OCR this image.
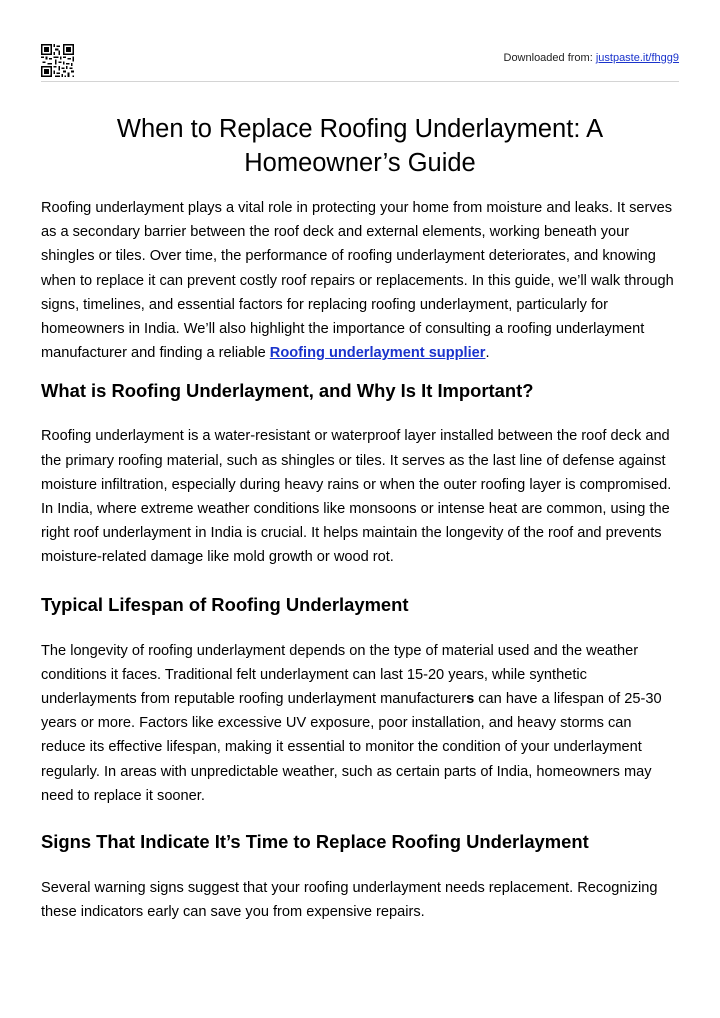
Downloaded from: justpaste.it/fhgg9
When to Replace Roofing Underlayment: A Homeowner’s Guide

Roofing underlayment plays a vital role in protecting your home from moisture and leaks. It serves as a secondary barrier between the roof deck and external elements, working beneath your shingles or tiles. Over time, the performance of roofing underlayment deteriorates, and knowing when to replace it can prevent costly roof repairs or replacements. In this guide, we’ll walk through signs, timelines, and essential factors for replacing roofing underlayment, particularly for homeowners in India. We’ll also highlight the importance of consulting a roofing underlayment manufacturer and finding a reliable Roofing underlayment supplier.

What is Roofing Underlayment, and Why Is It Important?

Roofing underlayment is a water-resistant or waterproof layer installed between the roof deck and the primary roofing material, such as shingles or tiles. It serves as the last line of defense against moisture infiltration, especially during heavy rains or when the outer roofing layer is compromised. In India, where extreme weather conditions like monsoons or intense heat are common, using the right roof underlayment in India is crucial. It helps maintain the longevity of the roof and prevents moisture-related damage like mold growth or wood rot.

Typical Lifespan of Roofing Underlayment

The longevity of roofing underlayment depends on the type of material used and the weather conditions it faces. Traditional felt underlayment can last 15-20 years, while synthetic underlayments from reputable roofing underlayment manufacturers can have a lifespan of 25-30 years or more. Factors like excessive UV exposure, poor installation, and heavy storms can reduce its effective lifespan, making it essential to monitor the condition of your underlayment regularly. In areas with unpredictable weather, such as certain parts of India, homeowners may need to replace it sooner.

Signs That Indicate It’s Time to Replace Roofing Underlayment

Several warning signs suggest that your roofing underlayment needs replacement. Recognizing these indicators early can save you from expensive repairs.
